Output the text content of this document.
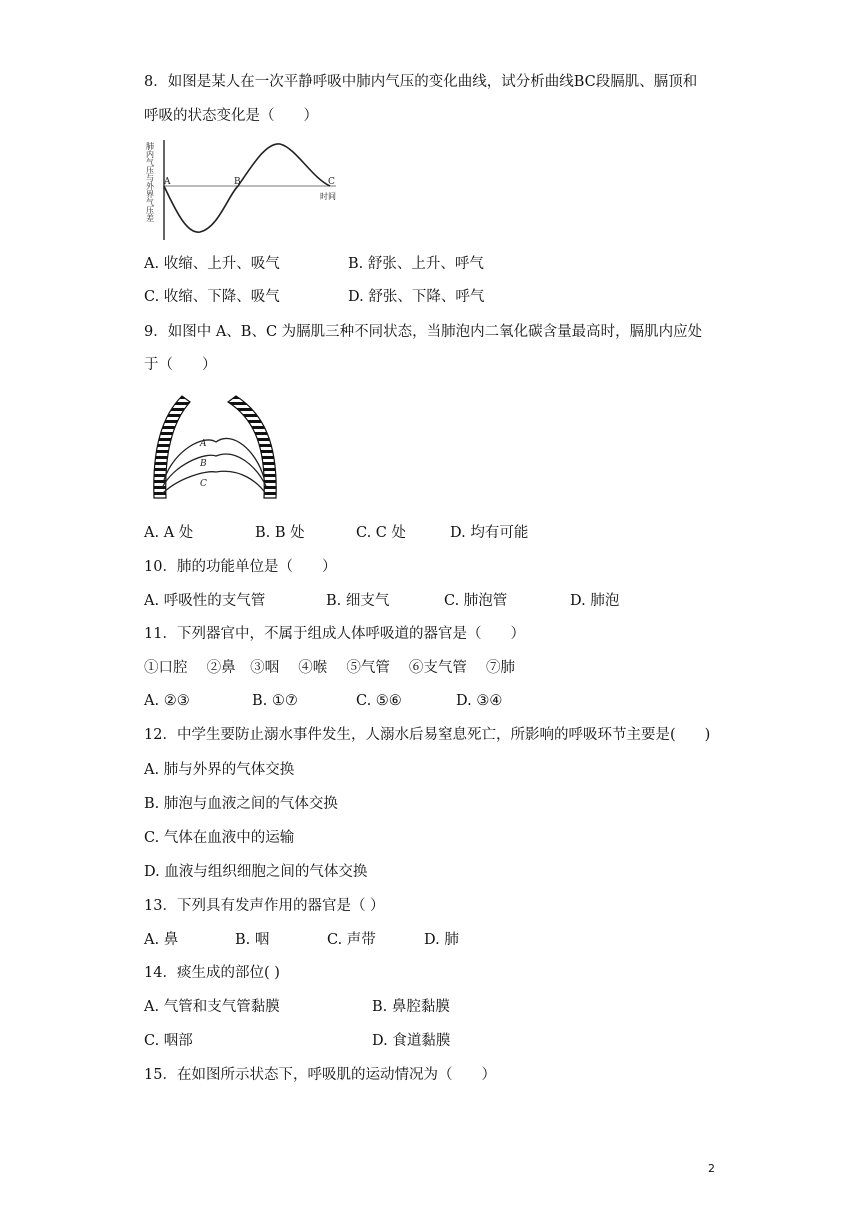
8．如图是某人在一次平静呼吸中肺内气压的变化曲线，试分析曲线BC段膈肌、膈顶和
呼吸的状态变化是（　　）
肺内气压与外界气压差 A	B	C
时间
A. 收缩、上升、吸气	B. 舒张、上升、呼气
C. 收缩、下降、吸气	D. 舒张、下降、呼气
9．如图中 A、B、C 为膈肌三种不同状态，当肺泡内二氧化碳含量最高时，膈肌内应处
于（　　）
A
B
C
A. A 处	B. B 处	C. C 处	D. 均有可能
10．肺的功能单位是（　　）
A. 呼吸性的支气管	B. 细支气	C. 肺泡管	D. 肺泡
11．下列器官中，不属于组成人体呼吸道的器官是（　　）
①口腔　 ②鼻　③咽　 ④喉　 ⑤气管　 ⑥支气管　 ⑦肺
A. ②③	B. ①⑦	C. ⑤⑥	D. ③④
12．中学生要防止溺水事件发生，人溺水后易窒息死亡，所影响的呼吸环节主要是(　　)
A. 肺与外界的气体交换
B. 肺泡与血液之间的气体交换
C. 气体在血液中的运输
D. 血液与组织细胞之间的气体交换
13．下列具有发声作用的器官是（ ）
A. 鼻	B. 咽	C. 声带	D. 肺
14．痰生成的部位( )
A. 气管和支气管黏膜	B. 鼻腔黏膜
C. 咽部	D. 食道黏膜
15．在如图所示状态下，呼吸肌的运动情况为（　　）
2
